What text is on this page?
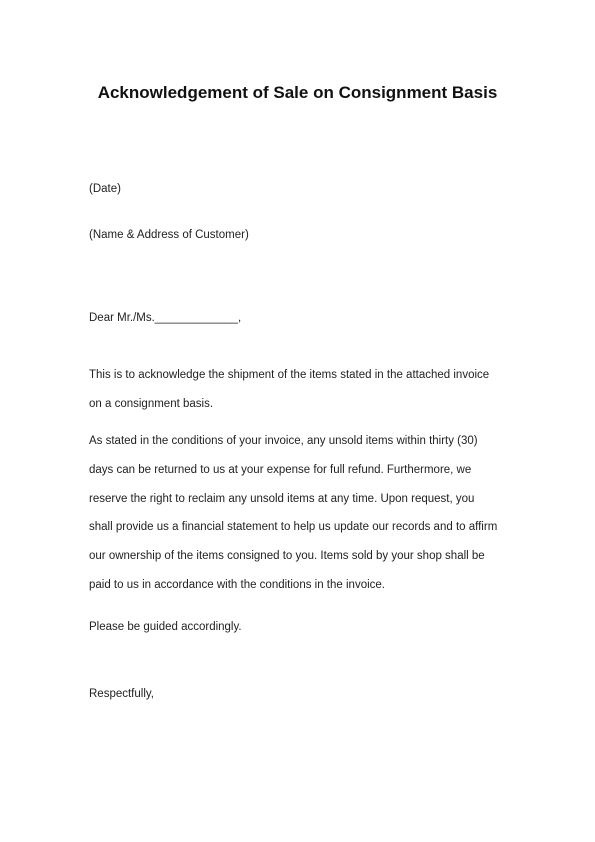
Acknowledgement of Sale on Consignment Basis
(Date)
(Name & Address of Customer)
Dear Mr./Ms._____________,
This is to acknowledge the shipment of the items stated in the attached invoice
on a consignment basis.
As stated in the conditions of your invoice, any unsold items within thirty (30)
days can be returned to us at your expense for full refund. Furthermore, we
reserve the right to reclaim any unsold items at any time. Upon request, you
shall provide us a financial statement to help us update our records and to affirm
our ownership of the items consigned to you. Items sold by your shop shall be
paid to us in accordance with the conditions in the invoice.
Please be guided accordingly.
Respectfully,
